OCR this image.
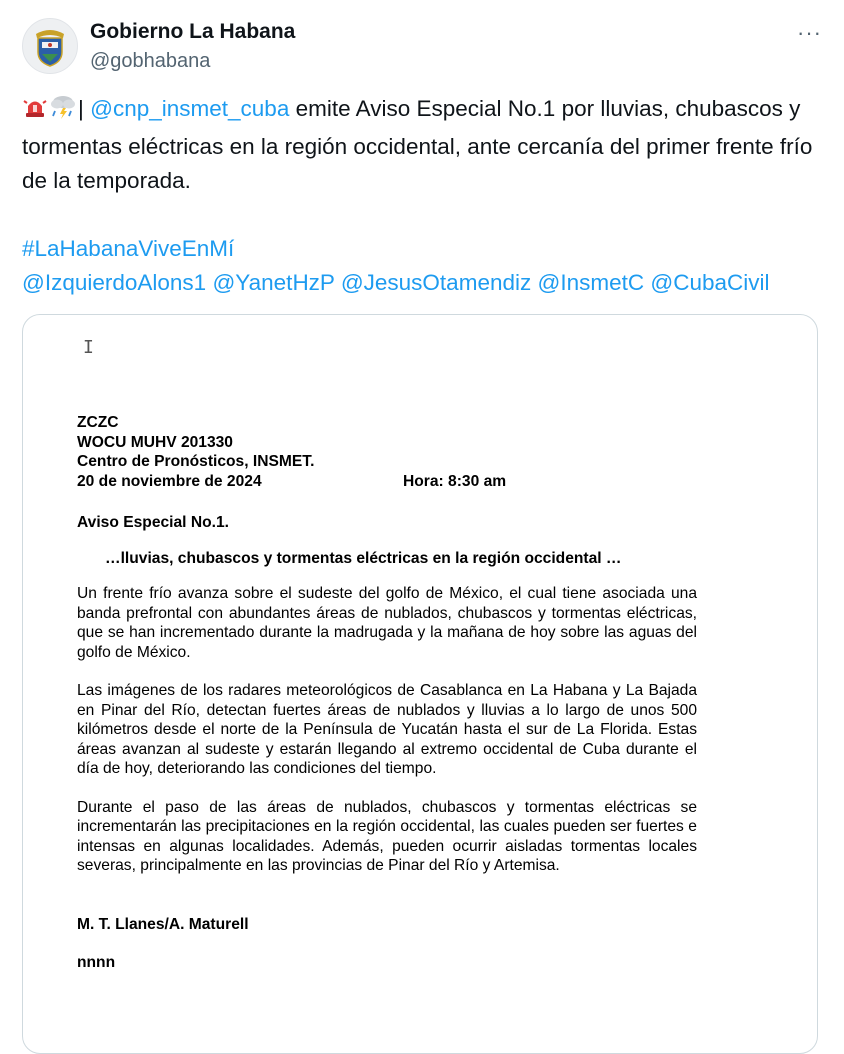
Gobierno La Habana
@gobhabana
···

| @cnp_insmet_cuba emite Aviso Especial No.1 por lluvias, chubascos y tormentas eléctricas en la región occidental, ante cercanía del primer frente frío de la temporada.

#LaHabanaViveEnMí

@IzquierdoAlons1 @YanetHzP @JesusOtamendiz @InsmetC @CubaCivil

I
ZCZC
WOCU MUHV 201330
Centro de Pronósticos, INSMET.
20 de noviembre de 2024	Hora: 8:30 am
Aviso Especial No.1.
…lluvias, chubascos y tormentas eléctricas en la región occidental …

Un frente frío avanza sobre el sudeste del golfo de México, el cual tiene asociada una banda prefrontal con abundantes áreas de nublados, chubascos y tormentas eléctricas, que se han incrementado durante la madrugada y la mañana de hoy sobre las aguas del golfo de México.

Las imágenes de los radares meteorológicos de Casablanca en La Habana y La Bajada en Pinar del Río, detectan fuertes áreas de nublados y lluvias a lo largo de unos 500 kilómetros desde el norte de la Península de Yucatán hasta el sur de La Florida. Estas áreas avanzan al sudeste y estarán llegando al extremo occidental de Cuba durante el día de hoy, deteriorando las condiciones del tiempo.

Durante el paso de las áreas de nublados, chubascos y tormentas eléctricas se incrementarán las precipitaciones en la región occidental, las cuales pueden ser fuertes e intensas en algunas localidades. Además, pueden ocurrir aisladas tormentas locales severas, principalmente en las provincias de Pinar del Río y Artemisa.

M. T. Llanes/A. Maturell
nnnn
